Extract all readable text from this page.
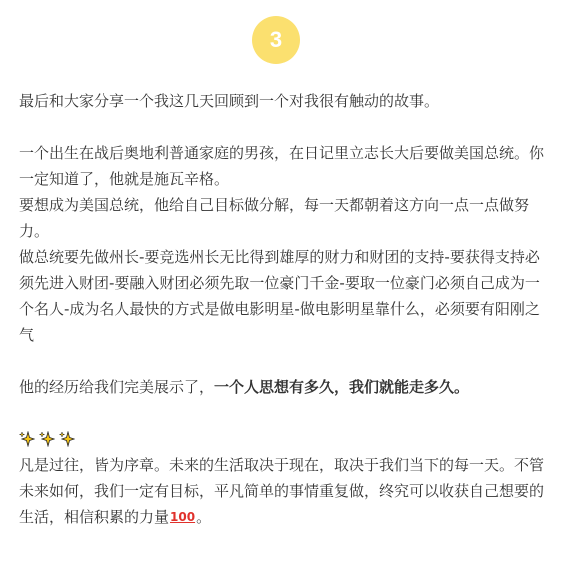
3

最后和大家分享一个我这几天回顾到一个对我很有触动的故事。

一个出生在战后奥地利普通家庭的男孩，在日记里立志长大后要做美国总统。你一定知道了，他就是施瓦辛格。

要想成为美国总统，他给自己目标做分解，每一天都朝着这方向一点一点做努力。

做总统要先做州长-要竞选州长无比得到雄厚的财力和财团的支持-要获得支持必须先进入财团-要融入财团必须先取一位豪门千金-要取一位豪门必须自己成为一个名人-成为名人最快的方式是做电影明星-做电影明星靠什么，必须要有阳刚之气

他的经历给我们完美展示了，一个人思想有多久，我们就能走多久。

凡是过往，皆为序章。未来的生活取决于现在，取决于我们当下的每一天。不管未来如何，我们一定有目标，平凡简单的事情重复做，终究可以收获自己想要的生活，相信积累的力量100。
